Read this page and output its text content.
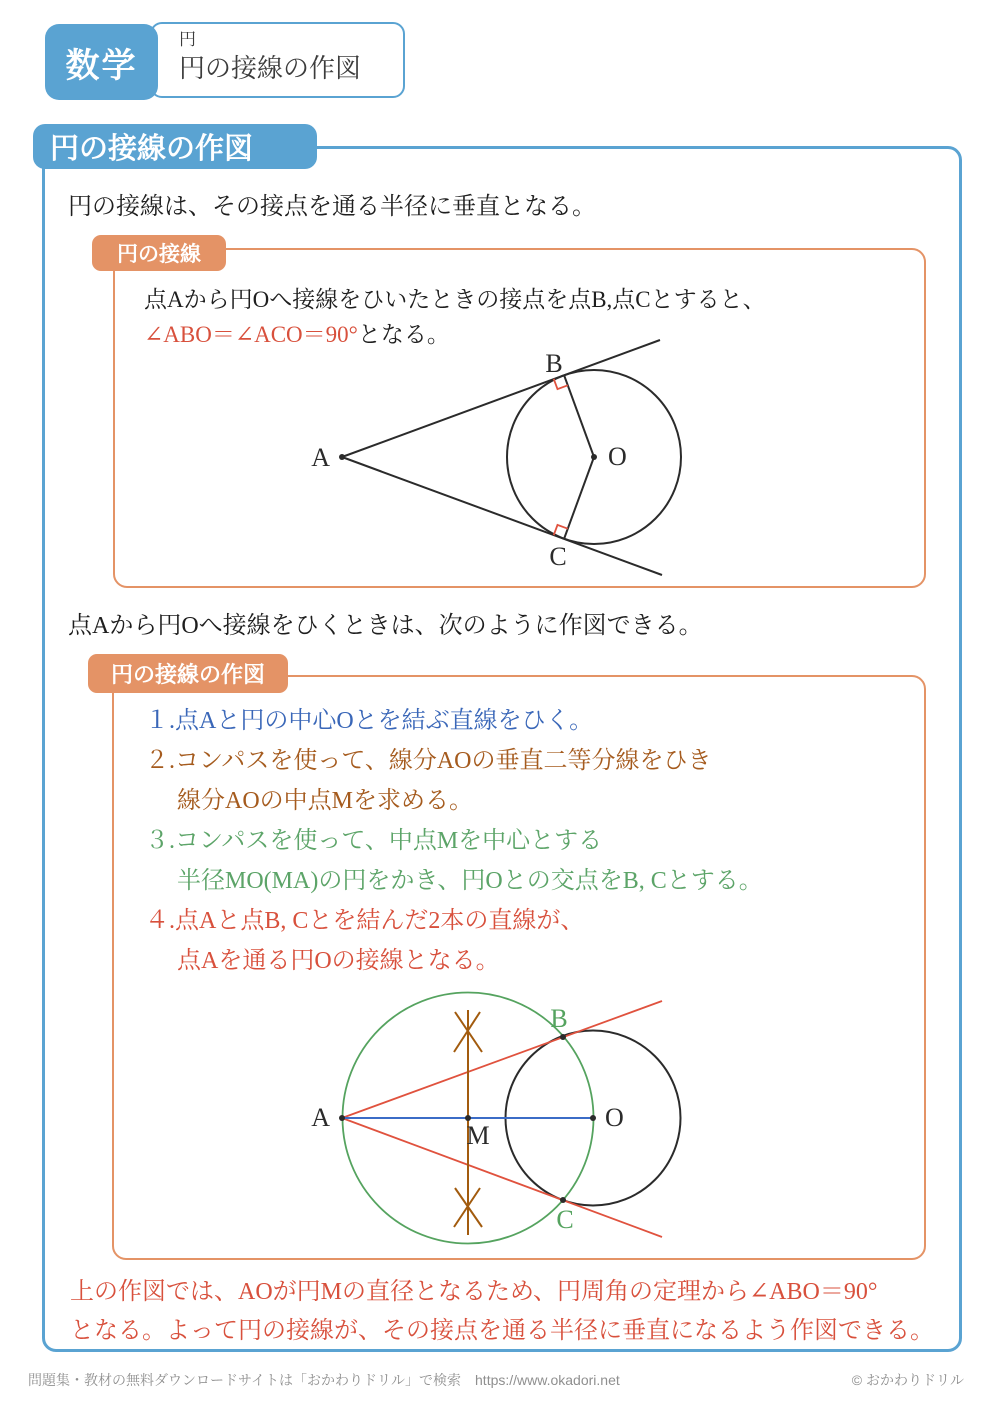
数学
円
円の接線の作図
円の接線の作図

円の接線は、その接点を通る半径に垂直となる。

円の接線

点Aから円Oへ接線をひいたときの接点を点B,点Cとすると、

∠ABO＝∠ACO＝90°となる。

A
B
C
O

点Aから円Oへ接線をひくときは、次のように作図できる。

円の接線の作図
１.点Aと円の中心Oとを結ぶ直線をひく。
２.コンパスを使って、線分AOの垂直二等分線をひき
線分AOの中点Mを求める。
３.コンパスを使って、中点Mを中心とする
半径MO(MA)の円をかき、円Oとの交点をB, Cとする。
４.点Aと点B, Cとを結んだ2本の直線が、
点Aを通る円Oの接線となる。
A
M
O
B
C

上の作図では、AOが円Mの直径となるため、円周角の定理から∠ABO＝90°

となる。よって円の接線が、その接点を通る半径に垂直になるよう作図できる。

問題集・教材の無料ダウンロードサイトは「おかわりドリル」で検索　https://www.okadori.net	© おかわりドリル
